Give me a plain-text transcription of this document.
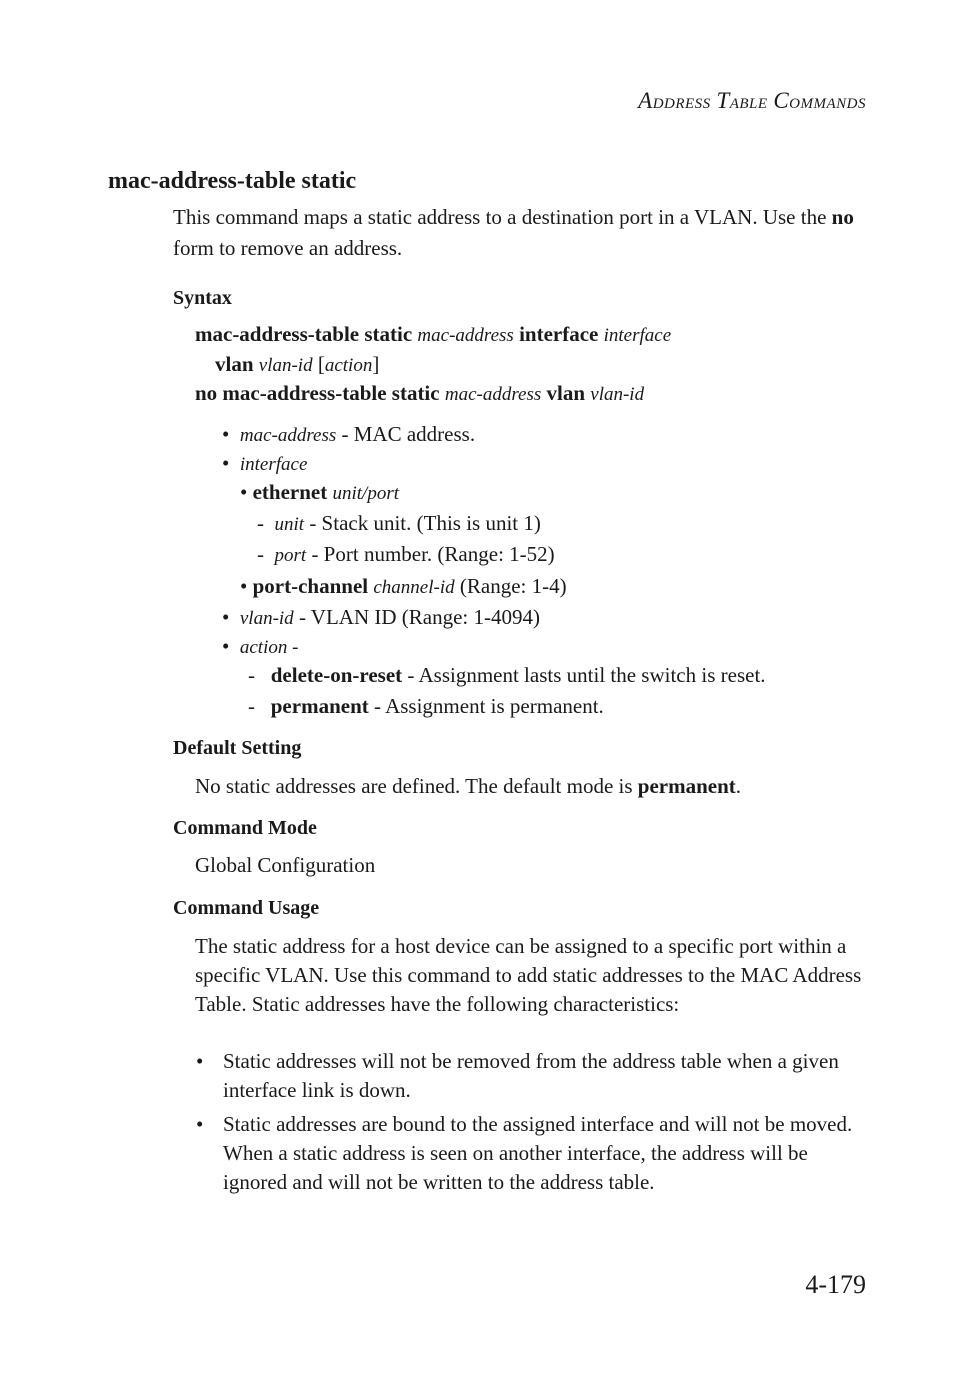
ADDRESS TABLE COMMANDS
mac-address-table static
This command maps a static address to a destination port in a VLAN. Use the no form to remove an address.
Syntax
mac-address-table static mac-address interface interface
vlan vlan-id [action]
no mac-address-table static mac-address vlan vlan-id
• mac-address - MAC address.
• interface
• ethernet unit/port
- unit - Stack unit. (This is unit 1)
- port - Port number. (Range: 1-52)
• port-channel channel-id (Range: 1-4)
• vlan-id - VLAN ID (Range: 1-4094)
• action -
- delete-on-reset - Assignment lasts until the switch is reset.
- permanent - Assignment is permanent.
Default Setting
No static addresses are defined. The default mode is permanent.
Command Mode
Global Configuration
Command Usage
The static address for a host device can be assigned to a specific port within a specific VLAN. Use this command to add static addresses to the MAC Address Table. Static addresses have the following characteristics:
• Static addresses will not be removed from the address table when a given interface link is down.
• Static addresses are bound to the assigned interface and will not be moved. When a static address is seen on another interface, the address will be ignored and will not be written to the address table.
4-179
